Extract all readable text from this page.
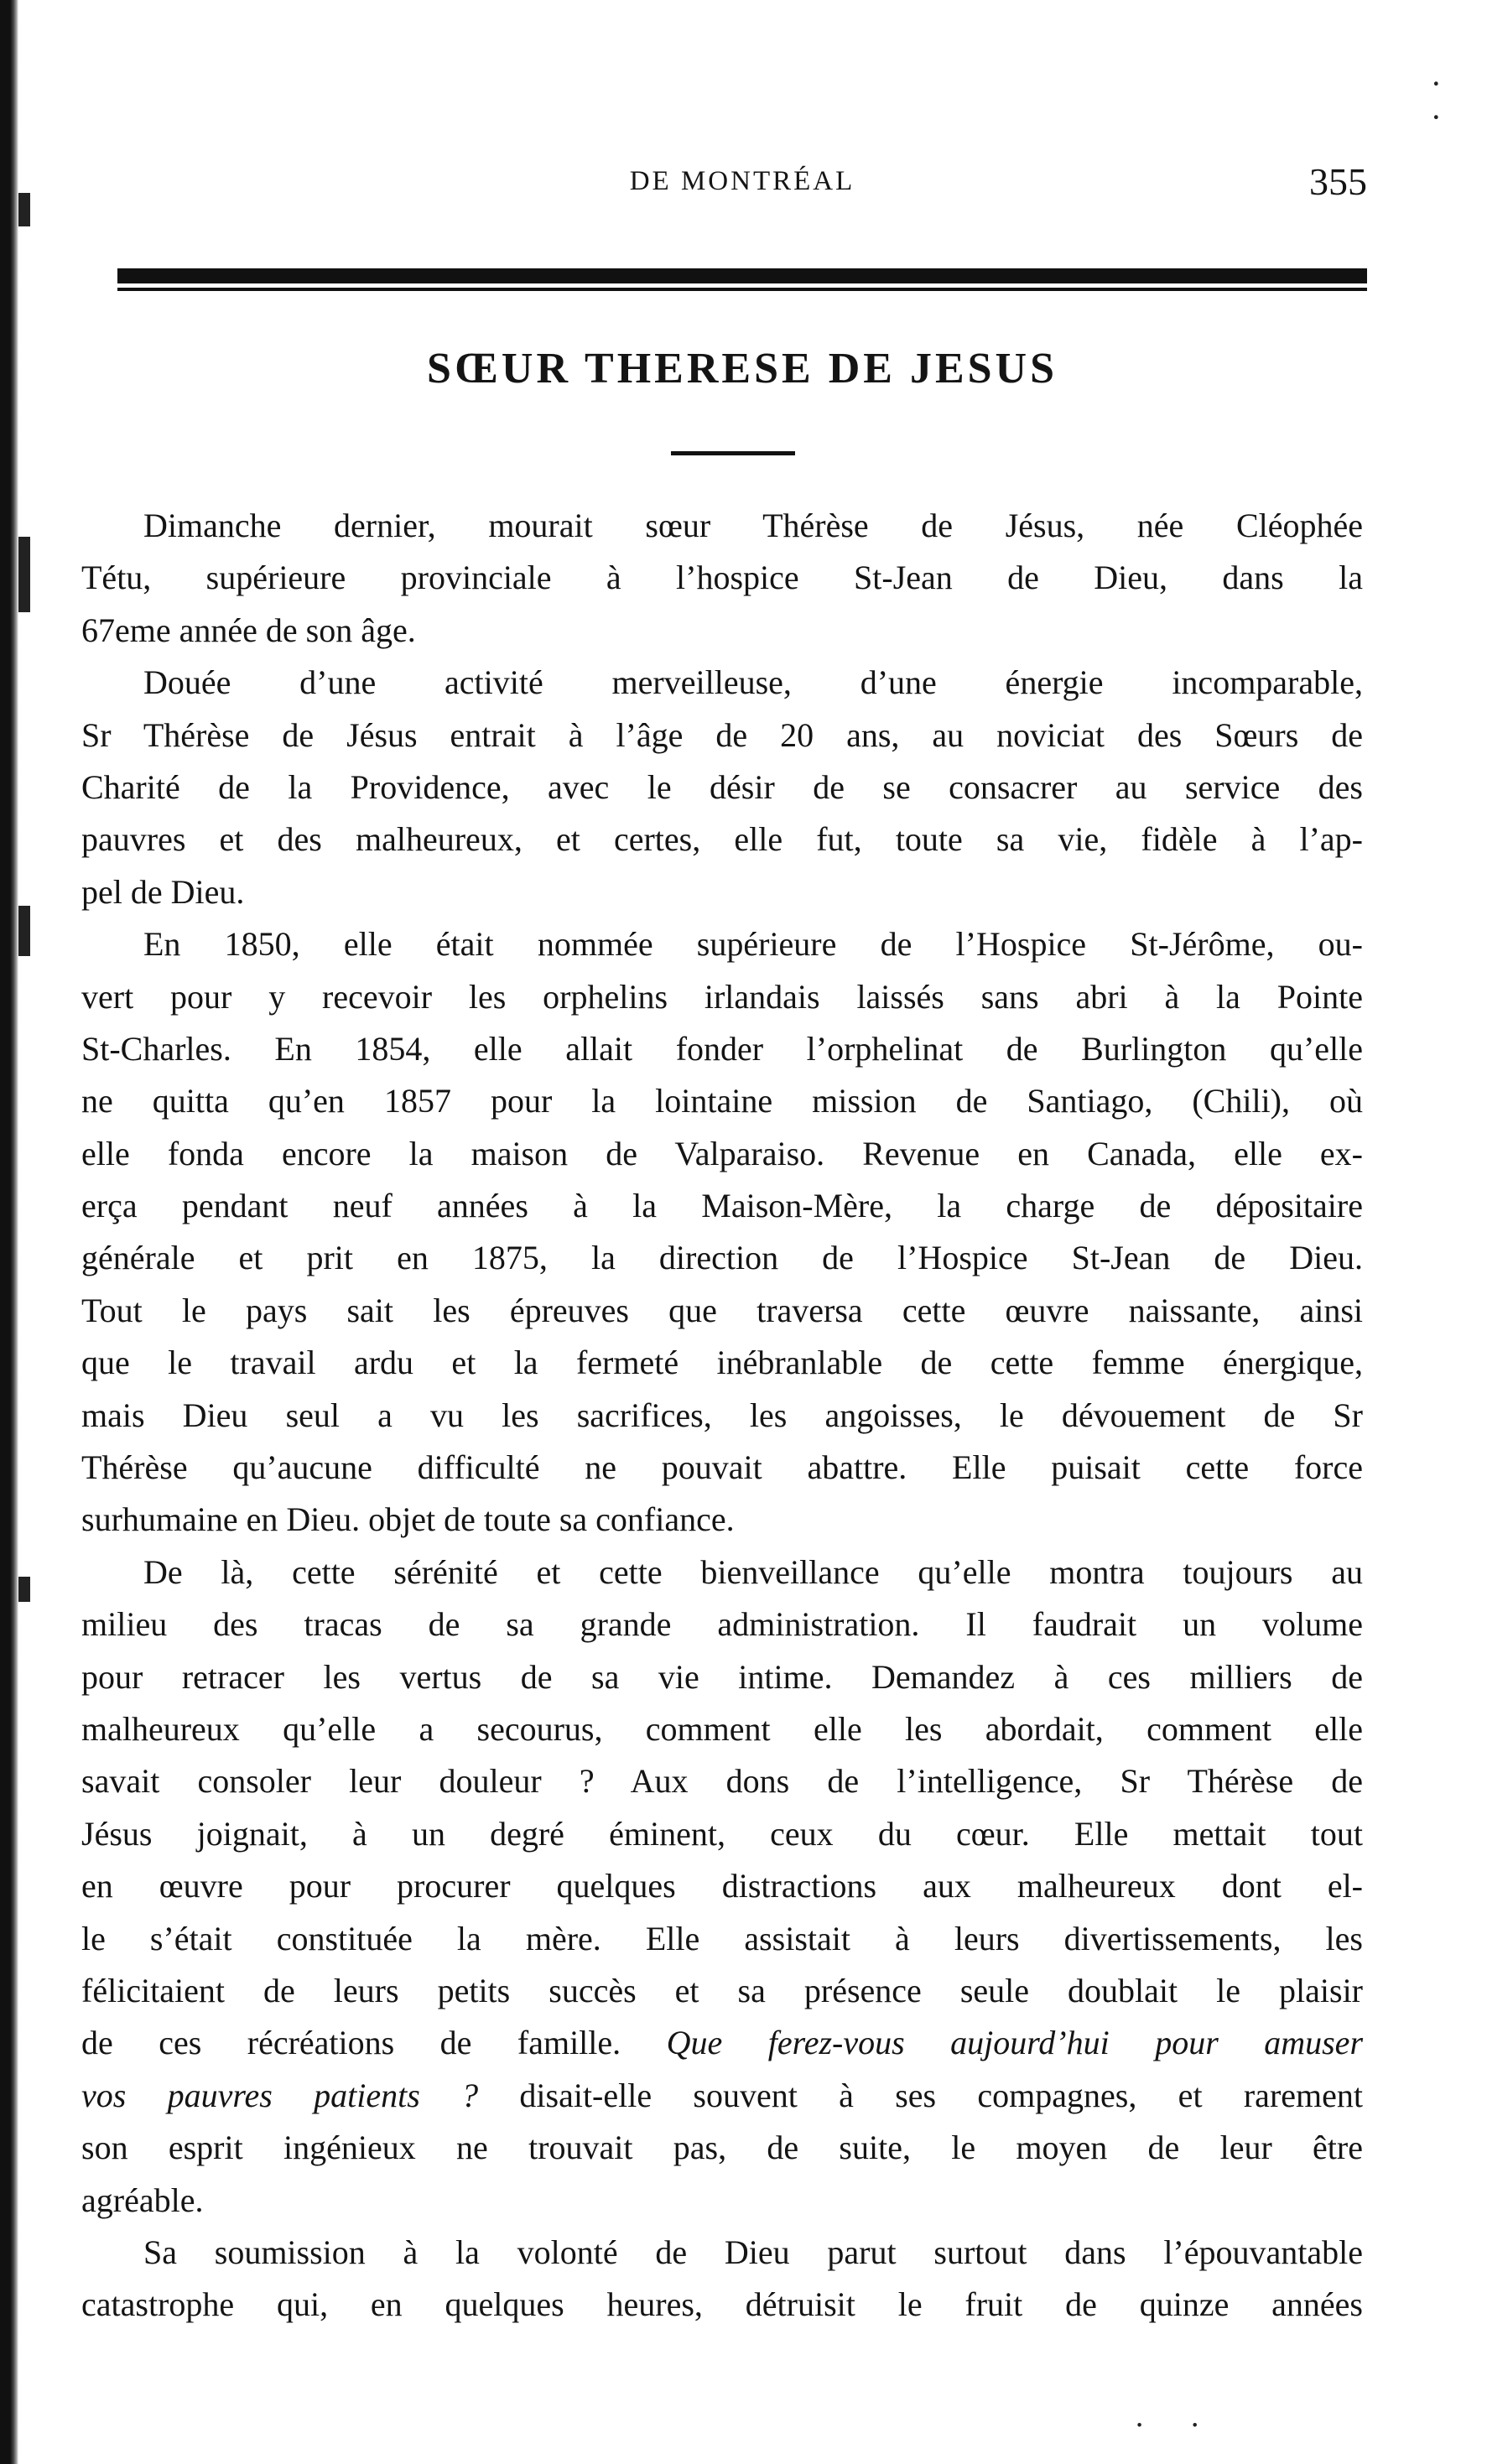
·
·
DE MONTRÉAL	355
SŒUR THERESE DE JESUS
Dimanche dernier, mourait sœur Thérèse de Jésus, née Cléophée
Tétu, supérieure provinciale à l’hospice St-Jean de Dieu, dans la
67eme année de son âge.
Douée d’une activité merveilleuse, d’une énergie incomparable,
Sr Thérèse de Jésus entrait à l’âge de 20 ans, au noviciat des Sœurs de
Charité de la Providence, avec le désir de se consacrer au service des
pauvres et des malheureux, et certes, elle fut, toute sa vie, fidèle à l’ap-
pel de Dieu.
En 1850, elle était nommée supérieure de l’Hospice St-Jérôme, ou-
vert pour y recevoir les orphelins irlandais laissés sans abri à la Pointe
St-Charles. En 1854, elle allait fonder l’orphelinat de Burlington qu’elle
ne quitta qu’en 1857 pour la lointaine mission de Santiago, (Chili), où
elle fonda encore la maison de Valparaiso. Revenue en Canada, elle ex-
erça pendant neuf années à la Maison-Mère, la charge de dépositaire
générale et prit en 1875, la direction de l’Hospice St-Jean de Dieu.
Tout le pays sait les épreuves que traversa cette œuvre naissante, ainsi
que le travail ardu et la fermeté inébranlable de cette femme énergique,
mais Dieu seul a vu les sacrifices, les angoisses, le dévouement de Sr
Thérèse qu’aucune difficulté ne pouvait abattre. Elle puisait cette force
surhumaine en Dieu. objet de toute sa confiance.
De là, cette sérénité et cette bienveillance qu’elle montra toujours au
milieu des tracas de sa grande administration. Il faudrait un volume
pour retracer les vertus de sa vie intime. Demandez à ces milliers de
malheureux qu’elle a secourus, comment elle les abordait, comment elle
savait consoler leur douleur ? Aux dons de l’intelligence, Sr Thérèse de
Jésus joignait, à un degré éminent, ceux du cœur. Elle mettait tout
en œuvre pour procurer quelques distractions aux malheureux dont el-
le s’était constituée la mère. Elle assistait à leurs divertissements, les
félicitaient de leurs petits succès et sa présence seule doublait le plaisir
de ces récréations de famille. Que ferez-vous aujourd’hui pour amuser
vos pauvres patients ? disait-elle souvent à ses compagnes, et rarement
son esprit ingénieux ne trouvait pas, de suite, le moyen de leur être
agréable.
Sa soumission à la volonté de Dieu parut surtout dans l’épouvantable
catastrophe qui, en quelques heures, détruisit le fruit de quinze années
· ·
